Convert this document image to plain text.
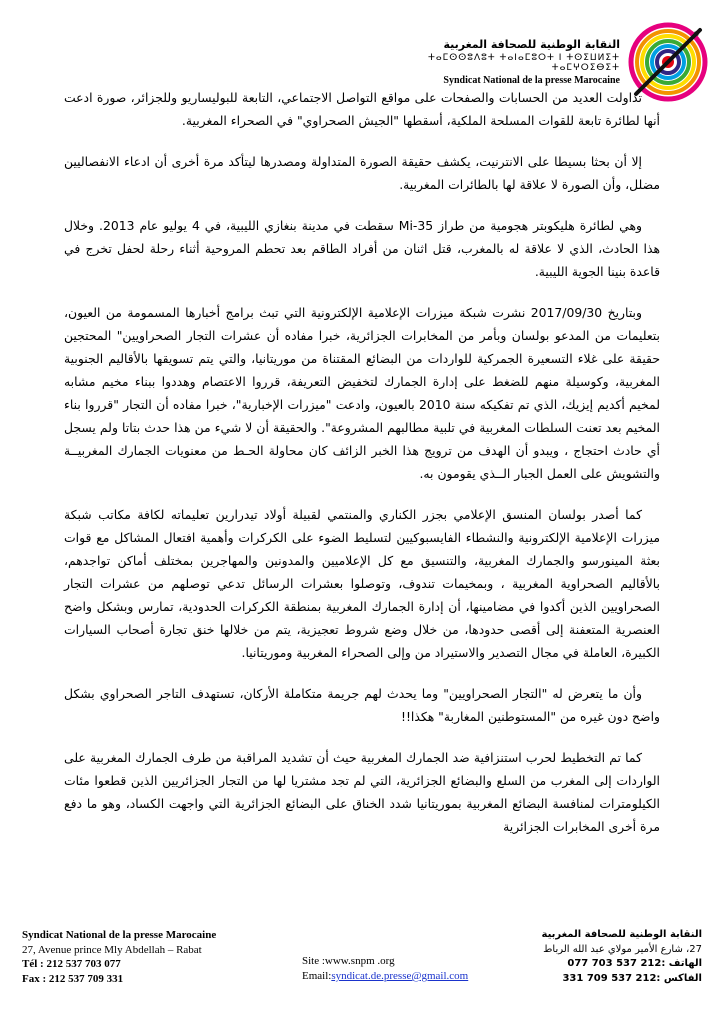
النقابة الوطنية للصحافة المغربية
ⵜⴰⵎⵙⵙⵓⴷⵓⵜ ⵜⴰⵏⴰⵎⵓⵔⵜ ⵏ ⵜⵙⵉⵡⵍⵉⵜ ⵜⴰⵎⵖⵔⵉⴱⵉⵜ
Syndicat National de la presse Marocaine

تداولت العديد من الحسابات والصفحات على مواقع التواصل الاجتماعي، التابعة للبوليساريو وللجزائر، صورة ادعت أنها لطائرة تابعة للقوات المسلحة الملكية، أسقطها "الجيش الصحراوي" في الصحراء المغربية.

إلا أن بحثا بسيطا على الانترنيت، يكشف حقيقة الصورة المتداولة ومصدرها ليتأكد مرة أخرى أن ادعاء الانفصاليين مضلل، وأن الصورة لا علاقة لها بالطائرات المغربية.

وهي لطائرة هليكوبتر هجومية من طراز Mi-35 سقطت في مدينة بنغازي الليبية، في 4 يوليو عام 2013. وخلال هذا الحادث، الذي لا علاقة له بالمغرب، قتل اثنان من أفراد الطاقم بعد تحطم المروحية أثناء رحلة لحفل تخرج في قاعدة بنينا الجوية الليبية.

وبتاريخ 2017/09/30 نشرت شبكة ميزرات الإعلامية الإلكترونية التي تبث برامج أخبارها المسمومة من العيون، بتعليمات من المدعو بولسان وبأمر من المخابرات الجزائرية، خبرا مفاده أن عشرات التجار الصحراويين" المحتجين حقيقة على غلاء التسعيرة الجمركية للواردات من البضائع المقتناة من موريتانيا، والتي يتم تسويقها بالأقاليم الجنوبية المغربية، وكوسيلة منهم للضغط على إدارة الجمارك لتخفيض التعريفة، قرروا الاعتصام وهددوا ببناء مخيم مشابه لمخيم أكديم إيزيك، الذي تم تفكيكه سنة 2010 بالعيون، وادعت "ميزرات الإخبارية"، خبرا مفاده أن التجار "قرروا بناء المخيم بعد تعنت السلطات المغربية في تلبية مطالبهم المشروعة". والحقيقة أن لا شيء من هذا حدث بتاتا ولم يسجل أي حادث احتجاج ، ويبدو أن الهدف من ترويج هذا الخبر الزائف كان محاولة الحـط من معنويات الجمارك المغربيــة والتشويش على العمل الجبار الــذي يقومون به.

كما أصدر بولسان المنسق الإعلامي بجزر الكناري والمنتمي لقبيلة أولاد تيدرارين تعليماته لكافة مكاتب شبكة ميزرات الإعلامية الإلكترونية والنشطاء الفايسبوكيين لتسليط الضوء على الكركرات وأهمية افتعال المشاكل مع قوات بعثة المينورسو والجمارك المغربية، والتنسيق مع كل الإعلاميين والمدونين والمهاجرين بمختلف أماكن تواجدهم، بالأقاليم الصحراوية المغربية ، وبمخيمات تندوف، وتوصلوا بعشرات الرسائل تدعي توصلهم من عشرات التجار الصحراويين الذين أكدوا في مضامينها، أن إدارة الجمارك المغربية بمنطقة الكركرات الحدودية، تمارس وبشكل واضح العنصرية المتعفنة إلى أقصى حدودها، من خلال وضع شروط تعجيزية، يتم من خلالها خنق تجارة أصحاب السيارات الكبيرة، العاملة في مجال التصدير والاستيراد من وإلى الصحراء المغربية وموريتانيا.

وأن ما يتعرض له "التجار الصحراويين" وما يحدث لهم جريمة متكاملة الأركان، تستهدف التاجر الصحراوي بشكل واضح دون غيره من "المستوطنين المغاربة" هكذا!!

كما تم التخطيط لحرب استنزافية ضد الجمارك المغربية حيث أن تشديد المراقبة من طرف الجمارك المغربية على الواردات إلى المغرب من السلع والبضائع الجزائرية، التي لم تجد مشتريا لها من التجار الجزائريين الذين قطعوا مئات الكيلومترات لمنافسة البضائع المغربية بموريتانيا شدد الخناق على البضائع الجزائرية التي واجهت الكساد، وهو ما دفع مرة أخرى المخابرات الجزائرية

Syndicat National de la presse Marocaine
27, Avenue prince Mly Abdellah – Rabat
Tél : 212 537 703 077
Fax : 212 537 709 331
Site :www.snpm .org
Email:syndicat.de.presse@gmail.com
النقابة الوطنية للصحافة المغربية
27، شارع الأمير مولاي عبد الله الرباط
الهاتف :212 537 703 077
الفاكس :212 537 709 331
